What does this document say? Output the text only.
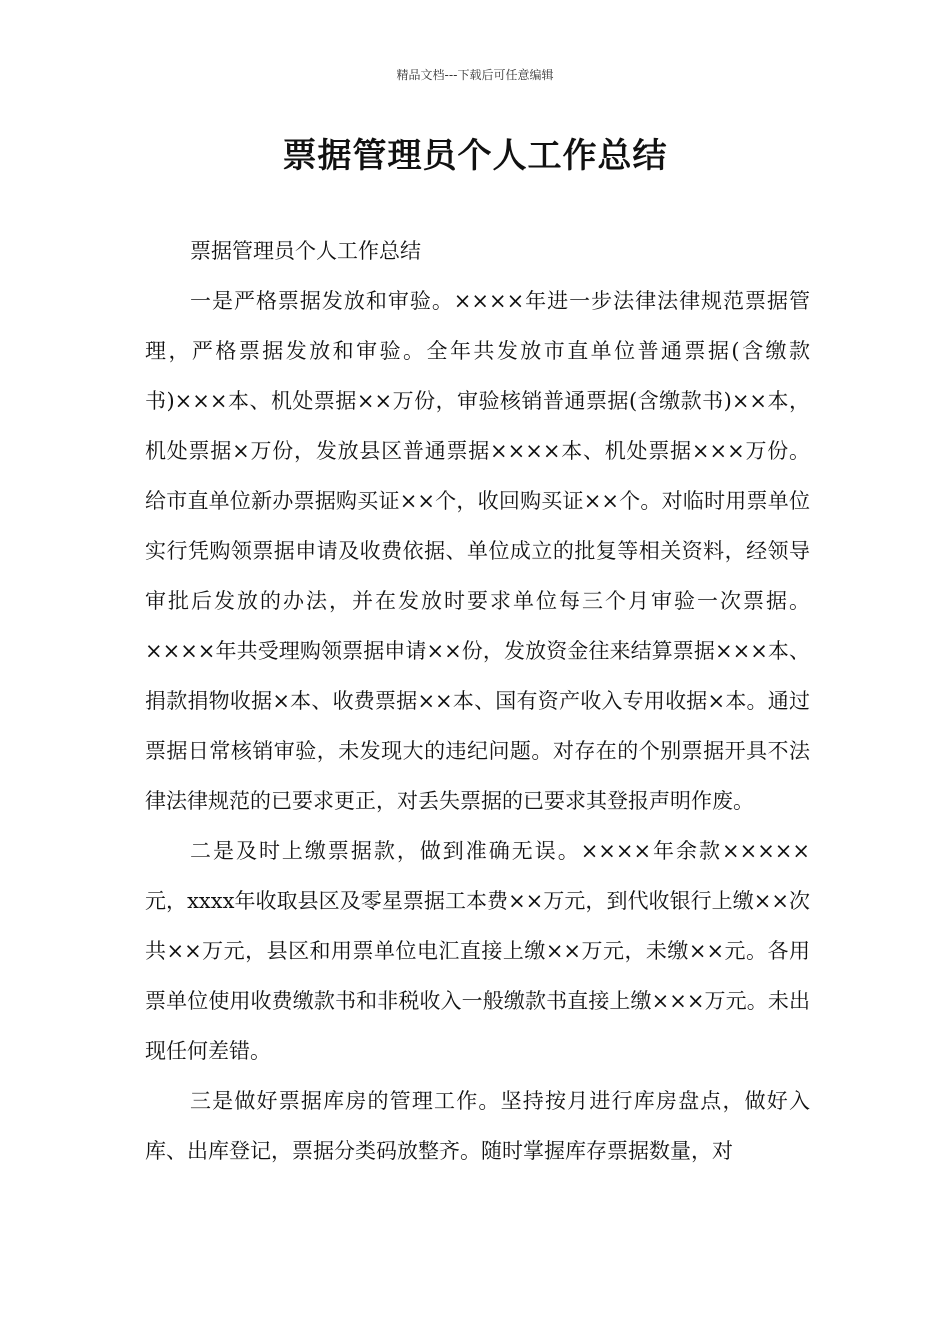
精品文档---下载后可任意编辑
票据管理员个人工作总结

票据管理员个人工作总结

一是严格票据发放和审验。××××年进一步法律法律规范票据管理，严格票据发放和审验。全年共发放市直单位普通票据(含缴款书)×××本、机处票据××万份，审验核销普通票据(含缴款书)××本，机处票据×万份，发放县区普通票据××××本、机处票据×××万份。给市直单位新办票据购买证××个，收回购买证××个。对临时用票单位实行凭购领票据申请及收费依据、单位成立的批复等相关资料，经领导审批后发放的办法，并在发放时要求单位每三个月审验一次票据。××××年共受理购领票据申请××份，发放资金往来结算票据×××本、捐款捐物收据×本、收费票据××本、国有资产收入专用收据×本。通过票据日常核销审验，未发现大的违纪问题。对存在的个别票据开具不法律法律规范的已要求更正，对丢失票据的已要求其登报声明作废。

二是及时上缴票据款，做到准确无误。××××年余款×××××元，xxxx年收取县区及零星票据工本费××万元，到代收银行上缴××次共××万元，县区和用票单位电汇直接上缴××万元，未缴××元。各用票单位使用收费缴款书和非税收入一般缴款书直接上缴×××万元。未出现任何差错。

三是做好票据库房的管理工作。坚持按月进行库房盘点，做好入库、出库登记，票据分类码放整齐。随时掌握库存票据数量，对
